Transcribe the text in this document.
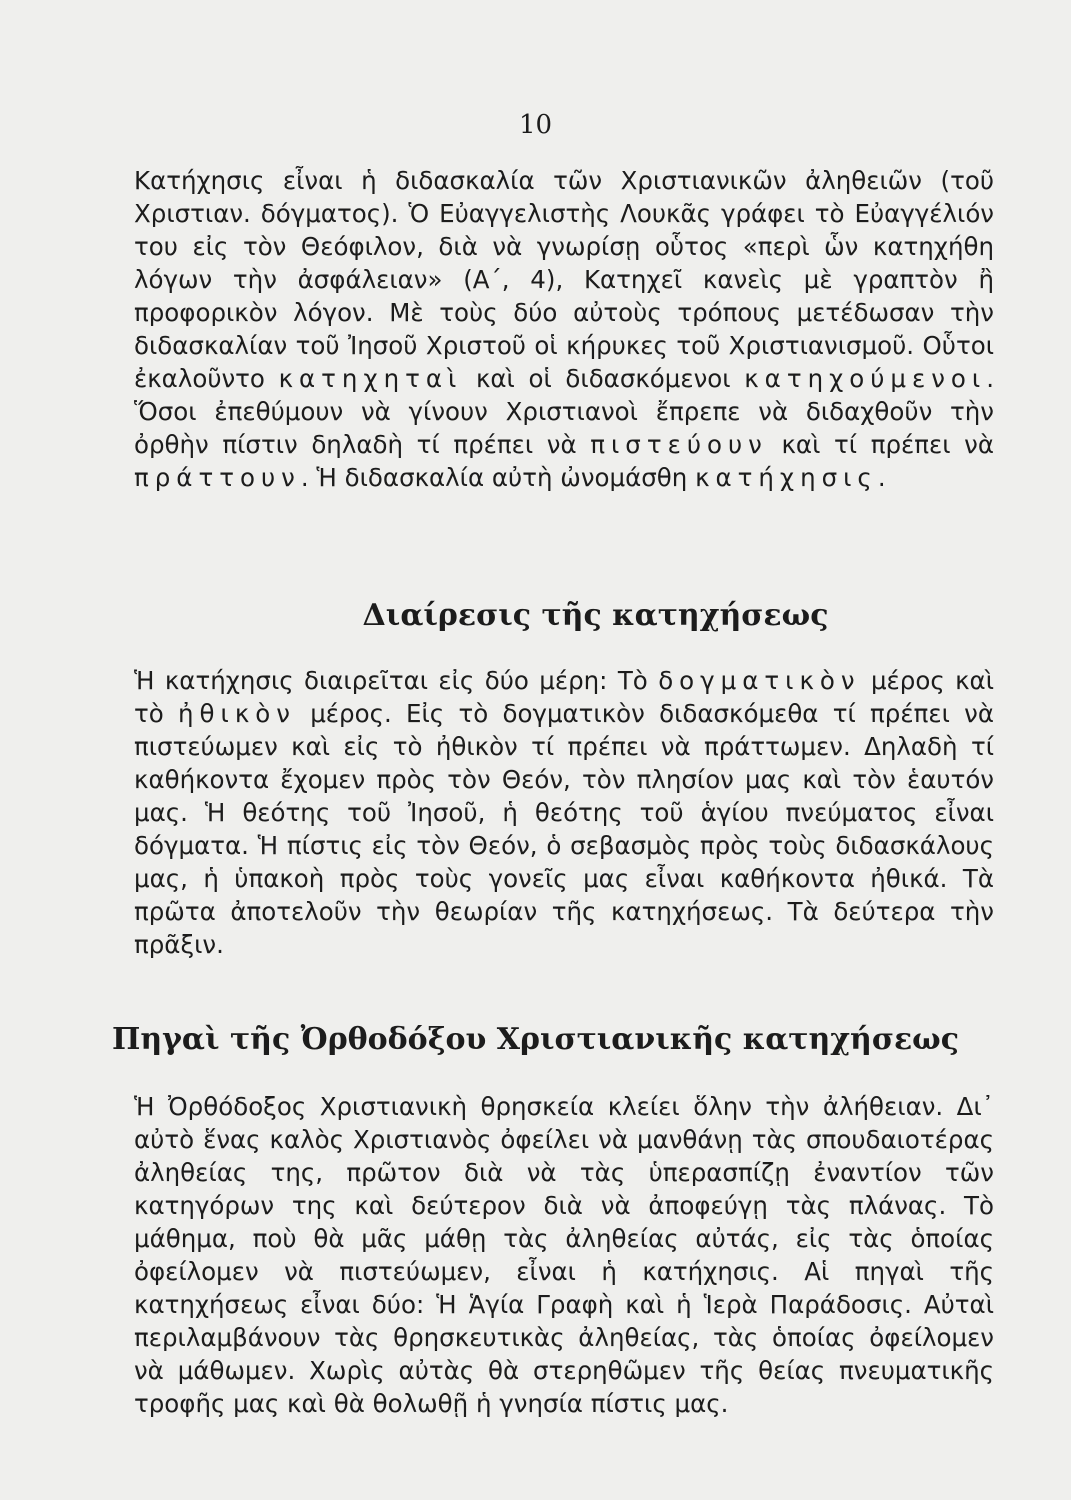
10

Κατήχησις εἶναι ἡ διδασκαλία τῶν Χριστιανικῶν ἀληθειῶν (τοῦ Χριστιαν. δόγματος). Ὁ Εὐαγγελιστὴς Λουκᾶς γράφει τὸ Εὐαγγέλιόν του εἰς τὸν Θεόφιλον, διὰ νὰ γνωρίσῃ οὗτος «περὶ ὧν κατηχήθη λόγων τὴν ἀσφάλειαν» (Α΄, 4), Κατηχεῖ κανεὶς μὲ γραπτὸν ἢ προφορικὸν λόγον. Μὲ τοὺς δύο αὐτοὺς τρόπους μετέδωσαν τὴν διδασκαλίαν τοῦ Ἰησοῦ Χριστοῦ οἱ κήρυκες τοῦ Χριστιανισμοῦ. Οὗτοι ἐκαλοῦντο κατηχηταὶ καὶ οἱ διδασκόμενοι κατηχούμενοι. Ὅσοι ἐπεθύμουν νὰ γίνουν Χριστιανοὶ ἔπρεπε νὰ διδαχθοῦν τὴν ὀρθὴν πίστιν δηλαδὴ τί πρέπει νὰ πιστεύουν καὶ τί πρέπει νὰ πράττουν. Ἡ διδασκαλία αὐτὴ ὠνομάσθη κατήχησις.

Διαίρεσις τῆς κατηχήσεως

Ἡ κατήχησις διαιρεῖται εἰς δύο μέρη: Τὸ δογματικὸν μέρος καὶ τὸ ἠθικὸν μέρος. Εἰς τὸ δογματικὸν διδασκόμεθα τί πρέπει νὰ πιστεύωμεν καὶ εἰς τὸ ἠθικὸν τί πρέπει νὰ πράττωμεν. Δηλαδὴ τί καθήκοντα ἔχομεν πρὸς τὸν Θεόν, τὸν πλησίον μας καὶ τὸν ἑαυτόν μας. Ἡ θεότης τοῦ Ἰησοῦ, ἡ θεότης τοῦ ἁγίου πνεύματος εἶναι δόγματα. Ἡ πίστις εἰς τὸν Θεόν, ὁ σεβασμὸς πρὸς τοὺς διδασκάλους μας, ἡ ὑπακοὴ πρὸς τοὺς γονεῖς μας εἶναι καθήκοντα ἠθικά. Τὰ πρῶτα ἀποτελοῦν τὴν θεωρίαν τῆς κατηχήσεως. Τὰ δεύτερα τὴν πρᾶξιν.

Πηγαὶ τῆς Ὀρθοδόξου Χριστιανικῆς κατηχήσεως

Ἡ Ὀρθόδοξος Χριστιανικὴ θρησκεία κλείει ὅλην τὴν ἀλήθειαν. Δι᾽ αὐτὸ ἕνας καλὸς Χριστιανὸς ὀφείλει νὰ μανθάνῃ τὰς σπουδαιοτέρας ἀληθείας της, πρῶτον διὰ νὰ τὰς ὑπερασπίζῃ ἐναντίον τῶν κατηγόρων της καὶ δεύτερον διὰ νὰ ἀποφεύγῃ τὰς πλάνας. Τὸ μάθημα, ποὺ θὰ μᾶς μάθῃ τὰς ἀληθείας αὐτάς, εἰς τὰς ὁποίας ὀφείλομεν νὰ πιστεύωμεν, εἶναι ἡ κατήχησις. Αἱ πηγαὶ τῆς κατηχήσεως εἶναι δύο: Ἡ Ἁγία Γραφὴ καὶ ἡ Ἱερὰ Παράδοσις. Αὐταὶ περιλαμβάνουν τὰς θρησκευτικὰς ἀληθείας, τὰς ὁποίας ὀφείλομεν νὰ μάθωμεν. Χωρὶς αὐτὰς θὰ στερηθῶμεν τῆς θείας πνευματικῆς τροφῆς μας καὶ θὰ θολωθῇ ἡ γνησία πίστις μας.
